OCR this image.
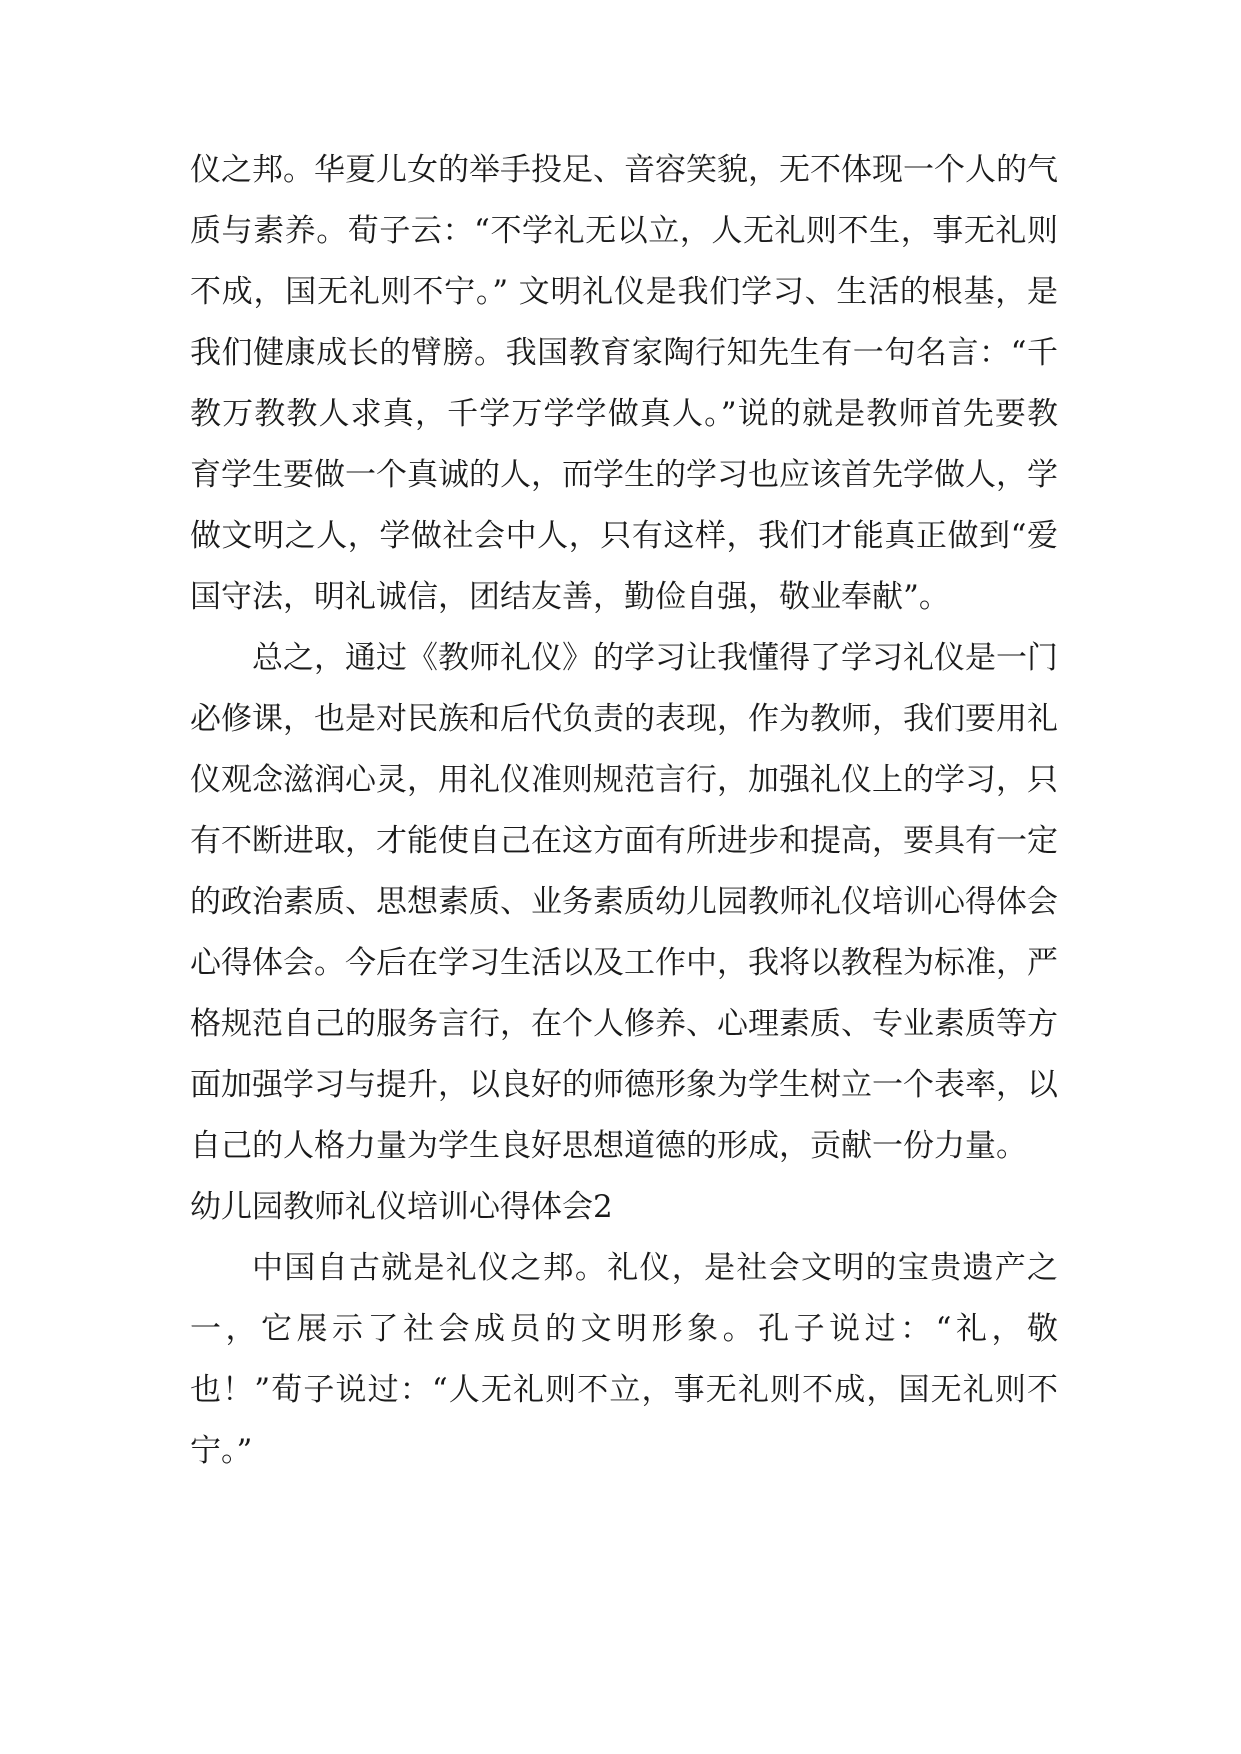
仪之邦。华夏儿女的举手投足、音容笑貌，无不体现一个人的气质与素养。荀子云：“不学礼无以立，人无礼则不生，事无礼则不成，国无礼则不宁。” 文明礼仪是我们学习、生活的根基，是我们健康成长的臂膀。我国教育家陶行知先生有一句名言：“千教万教教人求真，千学万学学做真人。”说的就是教师首先要教育学生要做一个真诚的人，而学生的学习也应该首先学做人，学做文明之人，学做社会中人，只有这样，我们才能真正做到“爱国守法，明礼诚信，团结友善，勤俭自强，敬业奉献”。

总之，通过《教师礼仪》的学习让我懂得了学习礼仪是一门必修课，也是对民族和后代负责的表现，作为教师，我们要用礼仪观念滋润心灵，用礼仪准则规范言行，加强礼仪上的学习，只有不断进取，才能使自己在这方面有所进步和提高，要具有一定的政治素质、思想素质、业务素质幼儿园教师礼仪培训心得体会心得体会。今后在学习生活以及工作中，我将以教程为标准，严格规范自己的服务言行，在个人修养、心理素质、专业素质等方面加强学习与提升，以良好的师德形象为学生树立一个表率，以自己的人格力量为学生良好思想道德的形成，贡献一份力量。

幼儿园教师礼仪培训心得体会2

中国自古就是礼仪之邦。礼仪，是社会文明的宝贵遗产之一，它展示了社会成员的文明形象。孔子说过：“礼，敬也！”荀子说过：“人无礼则不立，事无礼则不成，国无礼则不宁。”
